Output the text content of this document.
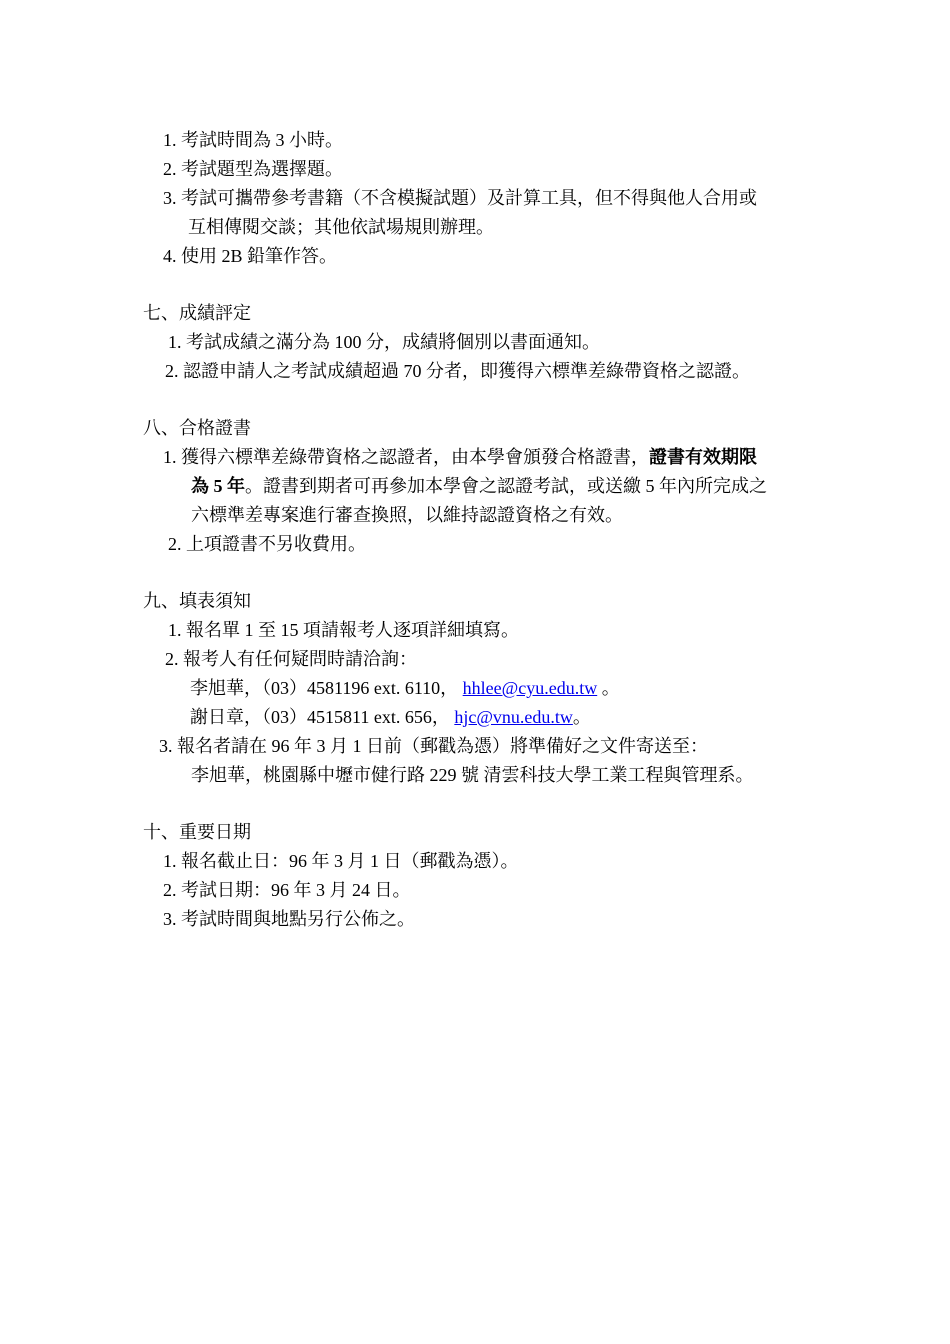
1. 考試時間為 3 小時。
2. 考試題型為選擇題。
3. 考試可攜帶參考書籍（不含模擬試題）及計算工具，但不得與他人合用或
互相傳閱交談；其他依試場規則辦理。
4. 使用 2B 鉛筆作答。
七、成績評定
1. 考試成績之滿分為 100 分，成績將個別以書面通知。
2. 認證申請人之考試成績超過 70 分者，即獲得六標準差綠帶資格之認證。
八、合格證書
1. 獲得六標準差綠帶資格之認證者，由本學會頒發合格證書，證書有效期限
為 5 年。證書到期者可再參加本學會之認證考試，或送繳 5 年內所完成之
六標準差專案進行審查換照，以維持認證資格之有效。
2. 上項證書不另收費用。
九、填表須知
1. 報名單 1 至 15 項請報考人逐項詳細填寫。
2. 報考人有任何疑問時請洽詢：
李旭華，（03）4581196 ext. 6110， hhlee@cyu.edu.tw 。
謝日章，（03）4515811 ext. 656， hjc@vnu.edu.tw。
3. 報名者請在 96 年 3 月 1 日前（郵戳為憑）將準備好之文件寄送至：
李旭華，桃園縣中壢市健行路 229 號 清雲科技大學工業工程與管理系。
十、重要日期
1. 報名截止日：96 年 3 月 1 日（郵戳為憑）。
2. 考試日期：96 年 3 月 24 日。
3. 考試時間與地點另行公佈之。
